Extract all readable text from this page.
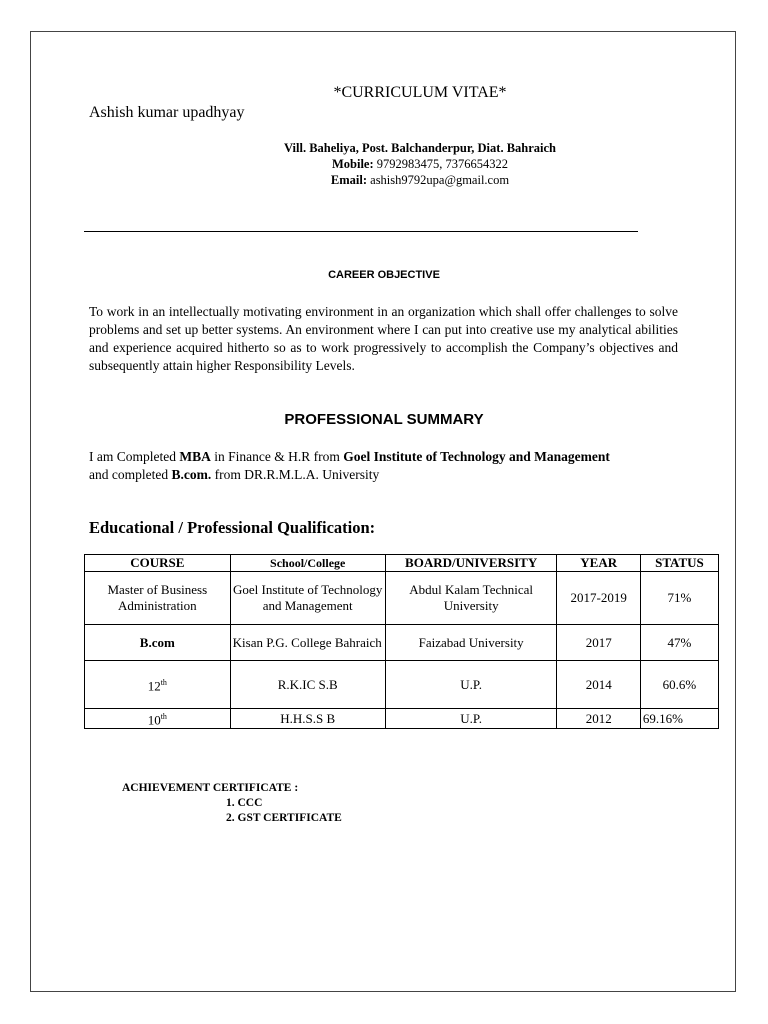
*CURRICULUM VITAE*
Ashish kumar upadhyay
Vill. Baheliya, Post. Balchanderpur, Diat. Bahraich
Mobile: 9792983475, 7376654322
Email: ashish9792upa@gmail.com
CAREER OBJECTIVE
To work in an intellectually motivating environment in an organization which shall offer challenges to solve problems and set up better systems. An environment where I can put into creative use my analytical abilities and experience acquired hitherto so as to work progressively to accomplish the Company’s objectives and subsequently attain higher Responsibility Levels.
PROFESSIONAL SUMMARY
I am Completed MBA in Finance & H.R from Goel Institute of Technology and Management
and completed B.com. from DR.R.M.L.A. University
Educational / Professional Qualification:
COURSE	School/College	BOARD/UNIVERSITY	YEAR	STATUS
Master of Business Administration	Goel Institute of Technology and Management	Abdul Kalam Technical University	2017-2019	71%
B.com	Kisan P.G. College Bahraich	Faizabad University	2017	47%
12th	R.K.IC S.B	U.P.	2014	60.6%
10th	H.H.S.S B	U.P.	2012	69.16%
ACHIEVEMENT CERTIFICATE :
1. CCC
2. GST CERTIFICATE
